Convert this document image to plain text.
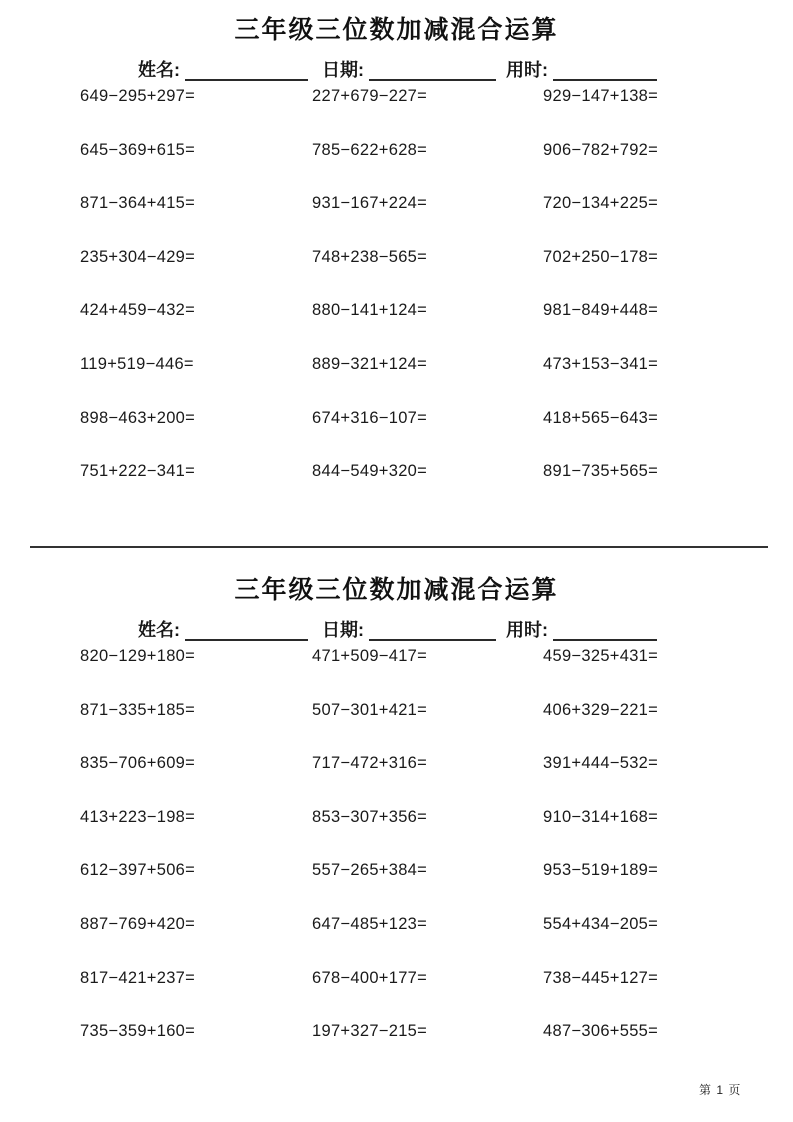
三年级三位数加减混合运算
姓名:	日期:	用时:
649−295+297=	227+679−227=	929−147+138=
645−369+615=	785−622+628=	906−782+792=
871−364+415=	931−167+224=	720−134+225=
235+304−429=	748+238−565=	702+250−178=
424+459−432=	880−141+124=	981−849+448=
119+519−446=	889−321+124=	473+153−341=
898−463+200=	674+316−107=	418+565−643=
751+222−341=	844−549+320=	891−735+565=
三年级三位数加减混合运算
姓名:	日期:	用时:
820−129+180=	471+509−417=	459−325+431=
871−335+185=	507−301+421=	406+329−221=
835−706+609=	717−472+316=	391+444−532=
413+223−198=	853−307+356=	910−314+168=
612−397+506=	557−265+384=	953−519+189=
887−769+420=	647−485+123=	554+434−205=
817−421+237=	678−400+177=	738−445+127=
735−359+160=	197+327−215=	487−306+555=
第 1 页
